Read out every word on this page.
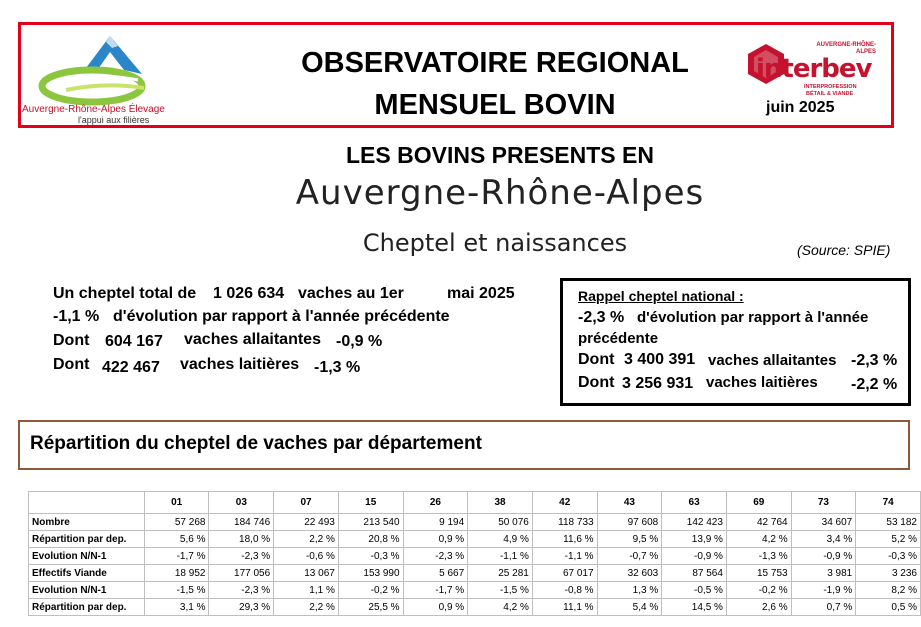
Auvergne-Rhône-Alpes Élevage
l'appui aux filières
OBSERVATOIRE REGIONAL
MENSUEL BOVIN
AUVERGNE-RHÔNE-ALPES
interbev
INTERPROFESSION
BÉTAIL & VIANDE
juin 2025
LES BOVINS PRESENTS EN
Auvergne-Rhône-Alpes
Cheptel et naissances	(Source: SPIE)
Un cheptel total de 1 026 634 vaches au 1er	mai 2025
-1,1 % d'évolution par rapport à l'année précédente
Dont 604 167 vaches allaitantes -0,9 %
Dont 422 467 vaches laitières -1,3 %
Rappel cheptel national :
-2,3 % d'évolution par rapport à l'année
précédente
Dont 3 400 391 vaches allaitantes -2,3 %
Dont 3 256 931 vaches laitières -2,2 %
Répartition du cheptel de vaches par département
	01	03	07	15	26	38	42	43	63	69	73	74
Nombre	57 268	184 746	22 493	213 540	9 194	50 076	118 733	97 608	142 423	42 764	34 607	53 182
Répartition par dep.	5,6 %	18,0 %	2,2 %	20,8 %	0,9 %	4,9 %	11,6 %	9,5 %	13,9 %	4,2 %	3,4 %	5,2 %
Evolution N/N-1	-1,7 %	-2,3 %	-0,6 %	-0,3 %	-2,3 %	-1,1 %	-1,1 %	-0,7 %	-0,9 %	-1,3 %	-0,9 %	-0,3 %
Effectifs Viande	18 952	177 056	13 067	153 990	5 667	25 281	67 017	32 603	87 564	15 753	3 981	3 236
Evolution N/N-1	-1,5 %	-2,3 %	1,1 %	-0,2 %	-1,7 %	-1,5 %	-0,8 %	1,3 %	-0,5 %	-0,2 %	-1,9 %	8,2 %
Répartition par dep.	3,1 %	29,3 %	2,2 %	25,5 %	0,9 %	4,2 %	11,1 %	5,4 %	14,5 %	2,6 %	0,7 %	0,5 %
